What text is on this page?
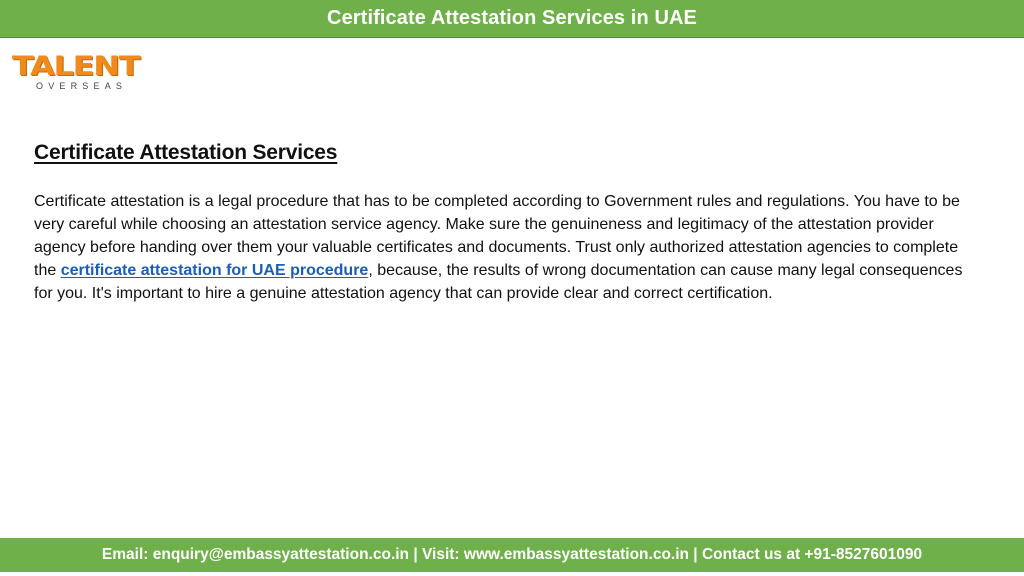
Certificate Attestation Services in UAE
TALENT
OVERSEAS
Certificate Attestation Services

Certificate attestation is a legal procedure that has to be completed according to Government rules and regulations. You have to be very careful while choosing an attestation service agency. Make sure the genuineness and legitimacy of the attestation provider agency before handing over them your valuable certificates and documents. Trust only authorized attestation agencies to complete the certificate attestation for UAE procedure, because, the results of wrong documentation can cause many legal consequences for you. It's important to hire a genuine attestation agency that can provide clear and correct certification.

Email: enquiry@embassyattestation.co.in | Visit: www.embassyattestation.co.in | Contact us at +91-8527601090
